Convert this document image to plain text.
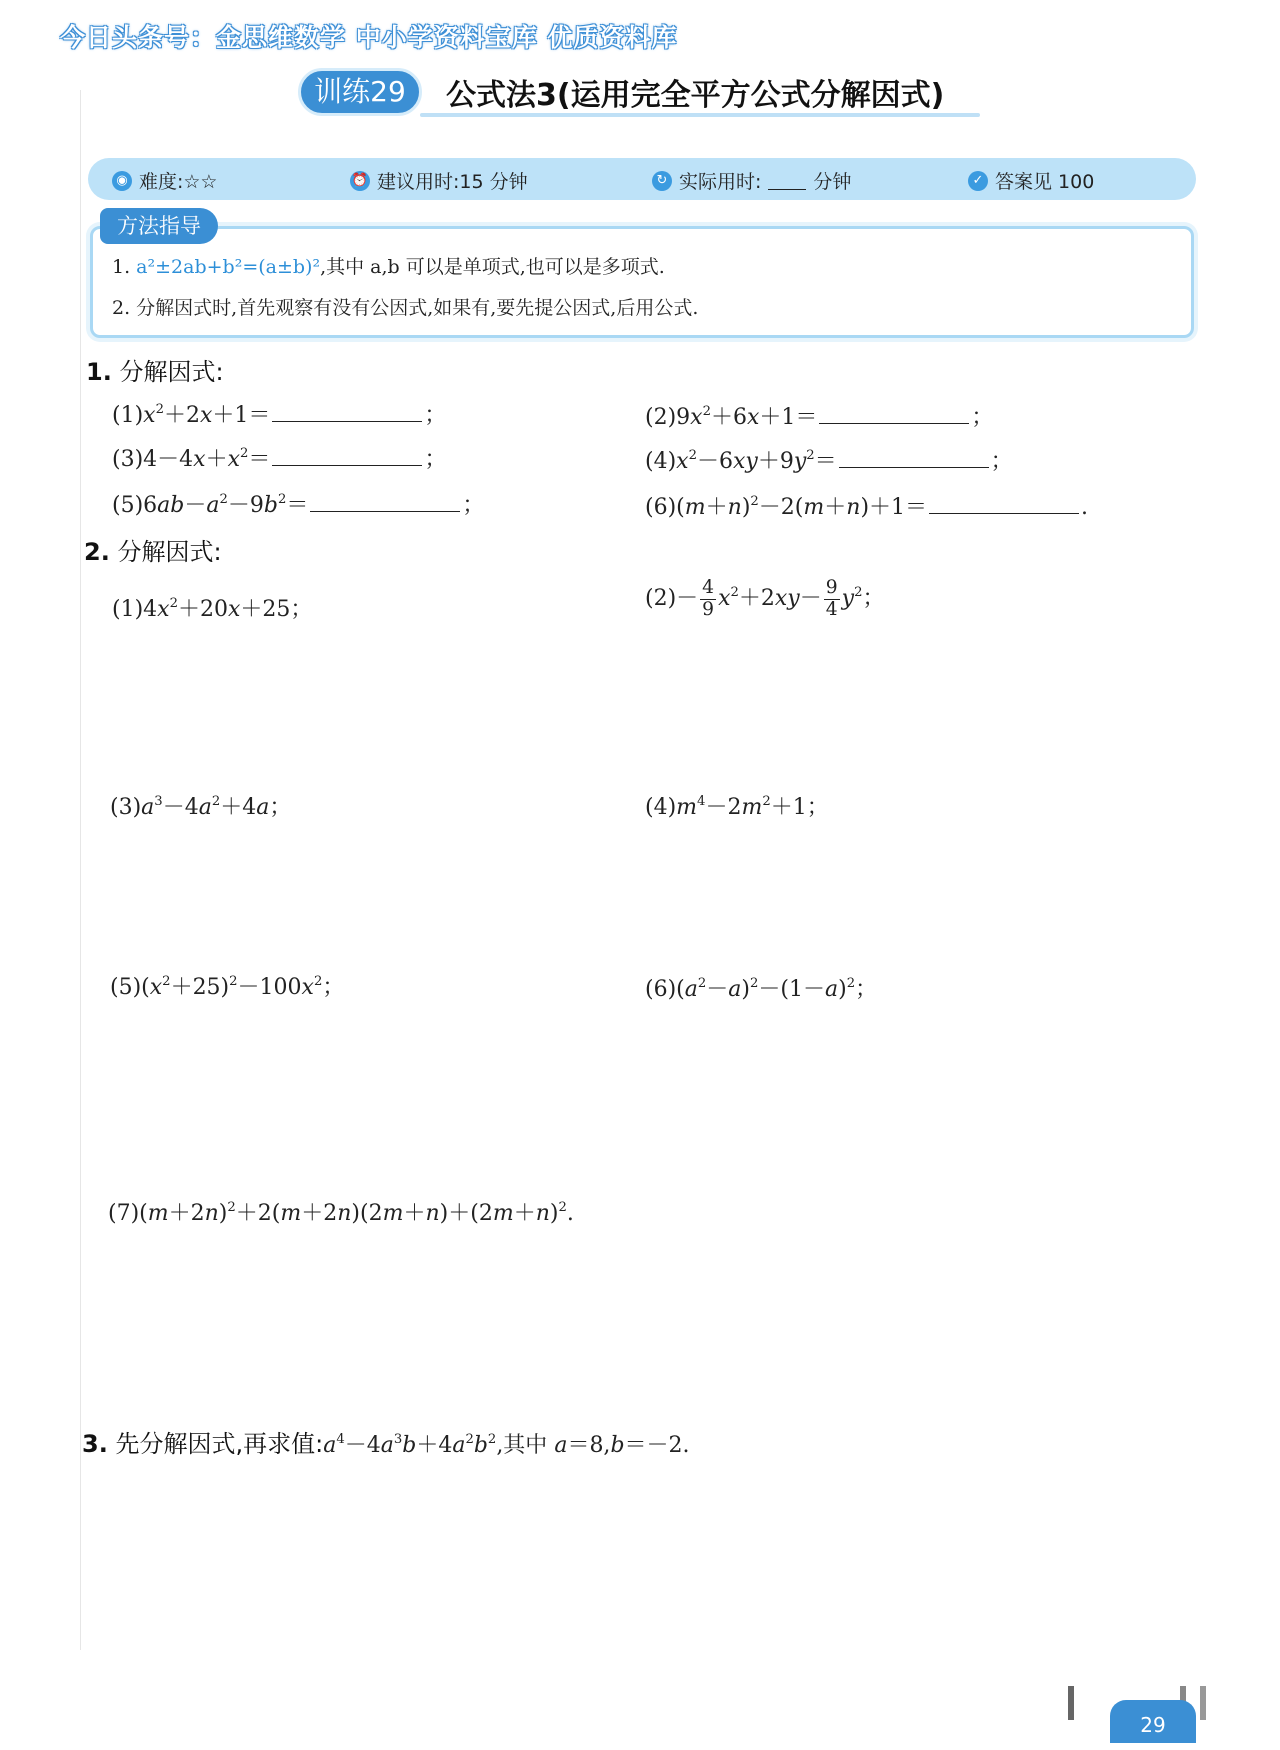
今日头条号：金思维数学 中小学资料宝库 优质资料库
训练29	公式法3(运用完全平方公式分解因式)
◉ 难度:☆☆	⏰ 建议用时:15 分钟	↻ 实际用时:	分钟	✓ 答案见 100
方法指导
1. a²±2ab+b²=(a±b)²,其中 a,b 可以是单项式,也可以是多项式.
2. 分解因式时,首先观察有没有公因式,如果有,要先提公因式,后用公式.
1. 分解因式:
$(1)x^2+2x+1=$	；	$(2)9x^2+6x+1=$	；
$(3)4-4x+x^2=$	；	$(4)x^2-6xy+9y^2=$	；
$(5)6ab-a^2-9b^2=$	；	$(6)(m+n)^2-2(m+n)+1=$	.
2. 分解因式:
$(1)4x^2+20x+25$；	$(2)- \frac{4}{9} x^2+2xy- \frac{9}{4} y^2$；
$(3)a^3-4a^2+4a$；	$(4)m^4-2m^2+1$；
$(5)(x^2+25)^2-100x^2$；	$(6)(a^2-a)^2-(1-a)^2$；
$(7)(m+2n)^2+2(m+2n)(2m+n)+(2m+n)^2$.
3. 先分解因式,再求值$:a^4-4a^3b+4a^2b^2$,其中 a＝8,b＝－2.
29
